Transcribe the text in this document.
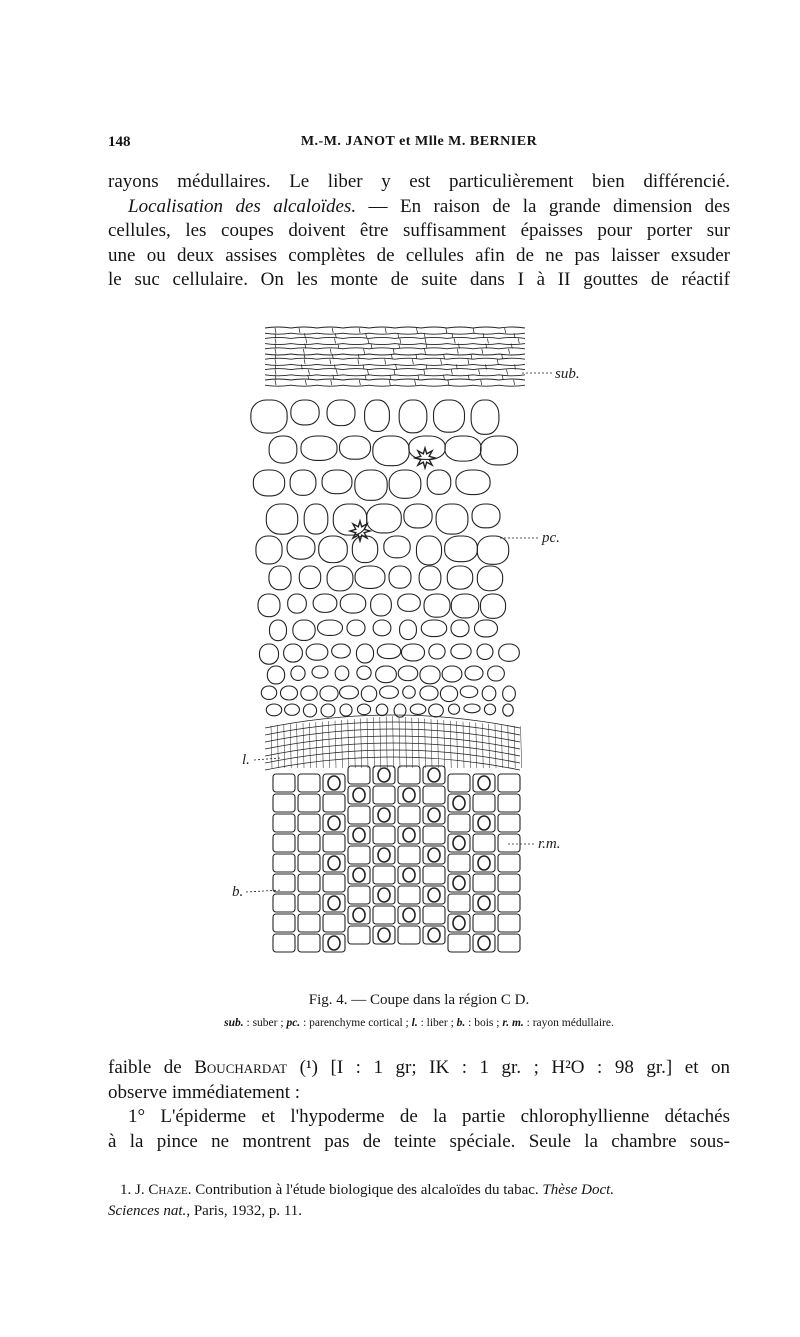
148	M.-M. JANOT et Mlle M. BERNIER
rayons médullaires. Le liber y est particulièrement bien différencié.
Localisation des alcaloïdes. — En raison de la grande dimension des
cellules, les coupes doivent être suffisamment épaisses pour porter sur
une ou deux assises complètes de cellules afin de ne pas laisser exsuder
le suc cellulaire. On les monte de suite dans I à II gouttes de réactif
sub.
pc.
l.
r.m.
b.
Fig. 4. — Coupe dans la région C D.
sub. : suber ; pc. : parenchyme cortical ; l. : liber ; b. : bois ; r. m. : rayon médullaire.
faible de Bouchardat (¹) [I : 1 gr; IK : 1 gr. ; H²O : 98 gr.] et on
observe immédiatement :
1° L'épiderme et l'hypoderme de la partie chlorophyllienne détachés
à la pince ne montrent pas de teinte spéciale. Seule la chambre sous-
1. J. Chaze. Contribution à l'étude biologique des alcaloïdes du tabac. Thèse Doct.
Sciences nat., Paris, 1932, p. 11.
